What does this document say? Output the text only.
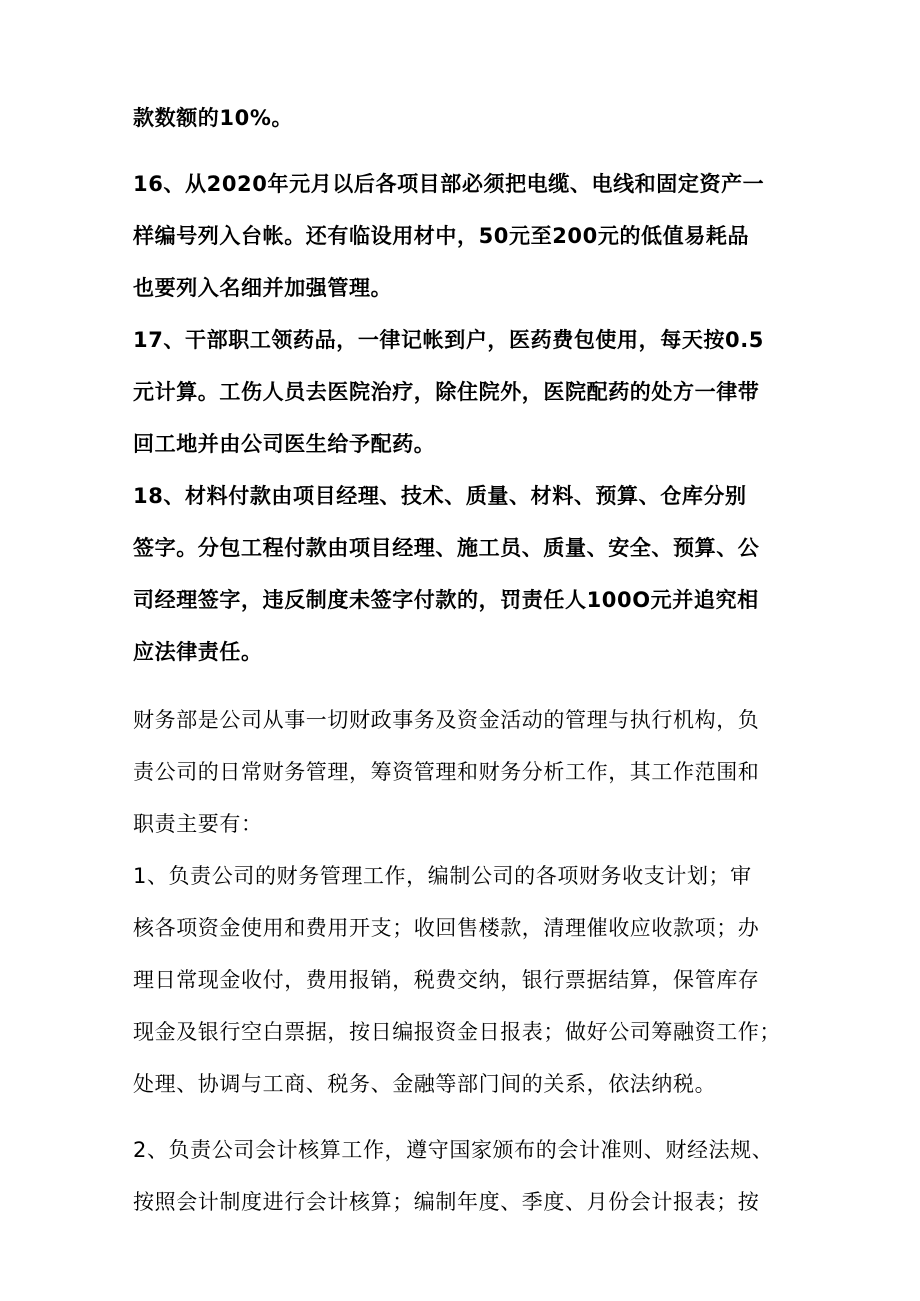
款数额的10%。

16、从2020年元月以后各项目部必须把电缆、电线和固定资产一
样编号列入台帐。还有临设用材中，50元至200元的低值易耗品
也要列入名细并加强管理。

17、干部职工领药品，一律记帐到户，医药费包使用，每天按0.5
元计算。工伤人员去医院治疗，除住院外，医院配药的处方一律带
回工地并由公司医生给予配药。

18、材料付款由项目经理、技术、质量、材料、预算、仓库分别
签字。分包工程付款由项目经理、施工员、质量、安全、预算、公
司经理签字，违反制度未签字付款的，罚责任人100O元并追究相
应法律责任。

财务部是公司从事一切财政事务及资金活动的管理与执行机构，负
责公司的日常财务管理，筹资管理和财务分析工作，其工作范围和
职责主要有：

1、负责公司的财务管理工作，编制公司的各项财务收支计划；审
核各项资金使用和费用开支；收回售楼款，清理催收应收款项；办
理日常现金收付，费用报销，税费交纳，银行票据结算，保管库存
现金及银行空白票据，按日编报资金日报表；做好公司筹融资工作；
处理、协调与工商、税务、金融等部门间的关系，依法纳税。

2、负责公司会计核算工作，遵守国家颁布的会计准则、财经法规、
按照会计制度进行会计核算；编制年度、季度、月份会计报表；按
